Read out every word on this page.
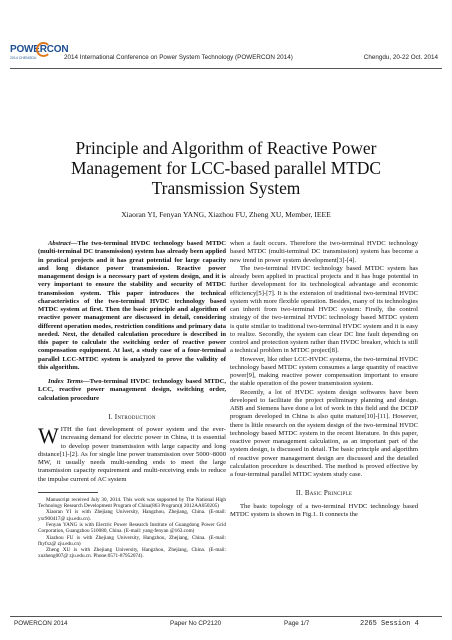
POWERCON
2014 CHENGDU	2014 International Conference on Power System Technology (POWERCON 2014)	Chengdu, 20-22 Oct. 2014
Principle and Algorithm of Reactive Power
Management for LCC-based parallel MTDC
Transmission System
Xiaoran YI, Fenyan YANG, Xiazhou FU, Zheng XU, Member, IEEE

Abstract—The two-terminal HVDC technology based MTDC (multi-terminal DC transmission) system has already been applied in pratical projects and it has great potential for large capacity and long distance power transmission. Reactive power management design is a necessary part of system design, and it is very important to ensure the stability and security of MTDC transmission system. This paper introduces the technical characteristics of the two-terminal HVDC technology based MTDC system at first. Then the basic principle and algorithm of reactive power management are discussed in detail, considering different operation modes, restriction conditions and primary data needed. Next, the detailed calculation procedure is described in this paper to calculate the switching order of reactive power compensation equipment. At last, a study case of a four-terminal parallel LCC-MTDC system is analyzed to prove the validity of this algorithm.

Index Terms—Two-terminal HVDC technology based MTDC, LCC, reactive power management design, switching order, calculation procedure

I. Introduction

WITH the fast development of power system and the ever-increasing demand for electric power in China, it is essential to develop power transmission with large capacity and long distance[1]-[2]. As for single line power transmission over 5000~8000 MW, it usually needs multi-sending ends to meet the large transmission capacity requirement and multi-receiving ends to reduce the impulse current of AC system

Manuscript received July 30, 2014. This work was supported by The National High Technology Research Development Program of China(863 Program)( 2012AA050205)

Xiaoran YI is with Zhejiang University, Hangzhou, Zhejiang, China. (E-mail: yxr900417@ zju.edu.cn).

Fenyan YANG is with Electric Power Research Institute of Guangdong Power Grid Corporation, Guangzhou 510080, China. (E-mail: yang-fenyan @163.com)

Xiazhou FU is with Zhejiang University, Hangzhou, Zhejiang, China. (E-mail: fhyfxz@ zju.edu.cn)

Zheng XU is with Zhejiang University, Hangzhou, Zhejiang, China. (E-mail: xuzheng007@ zju.edu.cn. Phone:0571-87952074).

when a fault occurs. Therefore the two-terminal HVDC technology based MTDC (multi-terminal DC transmission) system has become a new trend in power system development[3]-[4].

The two-terminal HVDC technology based MTDC system has already been applied in practical projects and it has huge potential in further development for its technological advantage and economic efficiency[5]-[7]. It is the extension of traditional two-terminal HVDC system with more flexible operation. Besides, many of its technologies can inherit from two-terminal HVDC system: Firstly, the control strategy of the two-terminal HVDC technology based MTDC system is quite similar to traditional two-terminal HVDC system and it is easy to realize. Secondly, the system can clear DC line fault depending on control and protection system rather than HVDC breaker, which is still a technical problem in MTDC project[8].

However, like other LCC-HVDC systems, the two-terminal HVDC technology based MTDC system consumes a large quantity of reactive power[9], making reactive power compensation important to ensure the stable operation of the power transmission system.

Recently, a lot of HVDC system design softwares have been developed to facilitate the project preliminary planning and design. ABB and Siemens have done a lot of work in this field and the DCDP program developed in China is also quite mature[10]-[11]. However, there is little research on the system design of the two-terminal HVDC technology based MTDC system in the recent literature. In this paper, reactive power management calculation, as an important part of the system design, is discussed in detail. The basic principle and algorithm of reactive power management design are discussed and the detailed calculation procedure is described. The method is proved effective by a four-terminal parallel MTDC system study case.

II. Basic Principle

The basic topology of a two-terminal HVDC technology based MTDC system is shown in Fig.1. It connects the

POWERCON 2014	Paper No CP2120	Page 1/7	2265 Session 4
